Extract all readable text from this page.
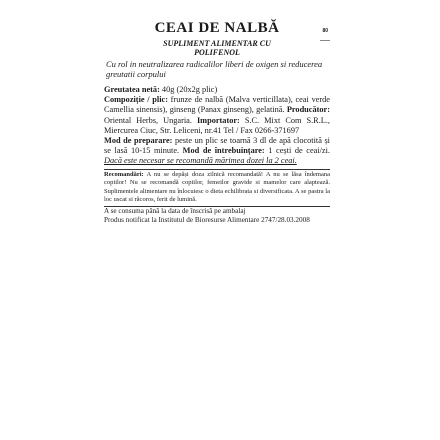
CEAI DE NALBĂ	80
SUPLIMENT ALIMENTAR CU
POLIFENOL
Cu rol in neutralizarea radicalilor liberi de oxigen si reducerea greutatii corpului

Greutatea netă: 40g (20x2g plic)

Compoziție / plic: frunze de nalbă (Malva verticillata), ceai verde Camellia sinensis), ginseng (Panax ginseng), gelatină. Producător: Oriental Herbs, Ungaria. Importator: S.C. Mixt Com S.R.L., Miercurea Ciuc, Str. Leliceni, nr.41 Tel / Fax 0266-371697

Mod de preparare: peste un plic se toarnă 3 dl de apă clocotită și se lasă 10-15 minute. Mod de întrebuințare: 1 cești de ceai/zi. Dacă este necesar se recomandă mărimea dozei la 2 ceai.

Recomandări: A nu se depăși doza zilnică recomandată! A nu se lăsa îndemana copiilor! Nu se recomandă copiilor, femeilor gravide si mamelor care alaptează. Suplimentele alimentare nu înlocuiesc o dieta echilibrata si diversificata. A se pastra la loc uscat si răcoros, ferit de lumină.

A se consuma până la data de înscrisă pe ambalaj

Produs notificat la Institutul de Bioresurse Alimentare 2747/28.03.2008
